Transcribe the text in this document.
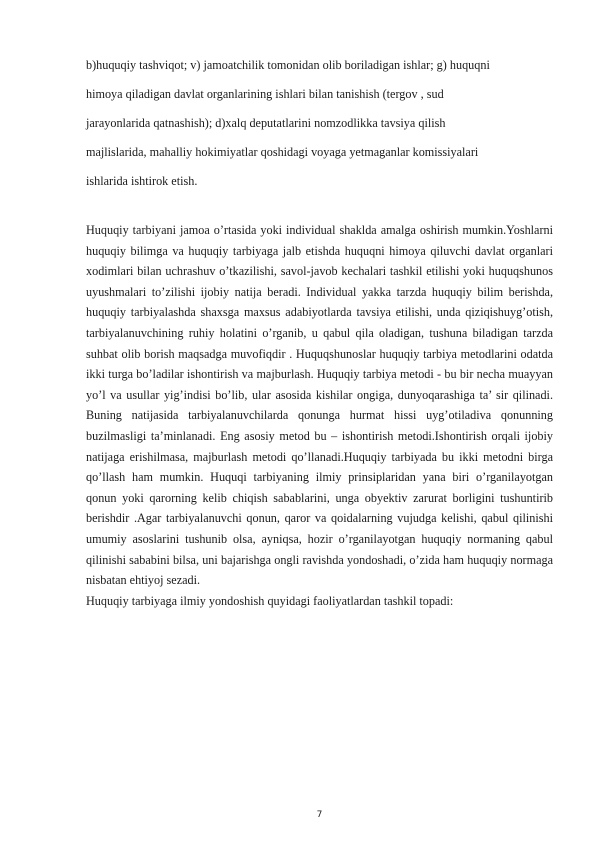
b)huquqiy tashviqot; v) jamoatchilik tomonidan olib boriladigan ishlar; g) huquqni

himoya qiladigan davlat organlarining ishlari bilan tanishish (tergov , sud

jarayonlarida qatnashish); d)xalq deputatlarini nomzodlikka tavsiya qilish

majlislarida, mahalliy hokimiyatlar qoshidagi voyaga yetmaganlar komissiyalari

ishlarida ishtirok etish.

Huquqiy tarbiyani jamoa o’rtasida yoki individual shaklda amalga oshirish mumkin.Yoshlarni huquqiy bilimga va huquqiy tarbiyaga jalb etishda huquqni himoya qiluvchi davlat organlari xodimlari bilan uchrashuv o’tkazilishi, savol-javob kechalari tashkil etilishi yoki huquqshunos uyushmalari to’zilishi ijobiy natija beradi. Individual yakka tarzda huquqiy bilim berishda, huquqiy tarbiyalashda shaxsga maxsus adabiyotlarda tavsiya etilishi, unda qiziqishuyg’otish, tarbiyalanuvchining ruhiy holatini o’rganib, u qabul qila oladigan, tushuna biladigan tarzda suhbat olib borish maqsadga muvofiqdir . Huquqshunoslar huquqiy tarbiya metodlarini odatda ikki turga bo’ladilar ishontirish va majburlash. Huquqiy tarbiya metodi - bu bir necha muayyan yo’l va usullar yig’indisi bo’lib, ular asosida kishilar ongiga, dunyoqarashiga ta’ sir qilinadi. Buning natijasida tarbiyalanuvchilarda qonunga hurmat hissi uyg’otiladiva qonunning buzilmasligi ta’minlanadi. Eng asosiy metod bu – ishontirish metodi.Ishontirish orqali ijobiy natijaga erishilmasa, majburlash metodi qo’llanadi.Huquqiy tarbiyada bu ikki metodni birga qo’llash ham mumkin. Huquqi tarbiyaning ilmiy prinsiplaridan yana biri o’rganilayotgan qonun yoki qarorning kelib chiqish sabablarini, unga obyektiv zarurat borligini tushuntirib berishdir .Agar tarbiyalanuvchi qonun, qaror va qoidalarning vujudga kelishi, qabul qilinishi umumiy asoslarini tushunib olsa, ayniqsa, hozir o’rganilayotgan huquqiy normaning qabul qilinishi sababini bilsa, uni bajarishga ongli ravishda yondoshadi, o’zida ham huquqiy normaga nisbatan ehtiyoj sezadi.

Huquqiy tarbiyaga ilmiy yondoshish quyidagi faoliyatlardan tashkil topadi:

7
